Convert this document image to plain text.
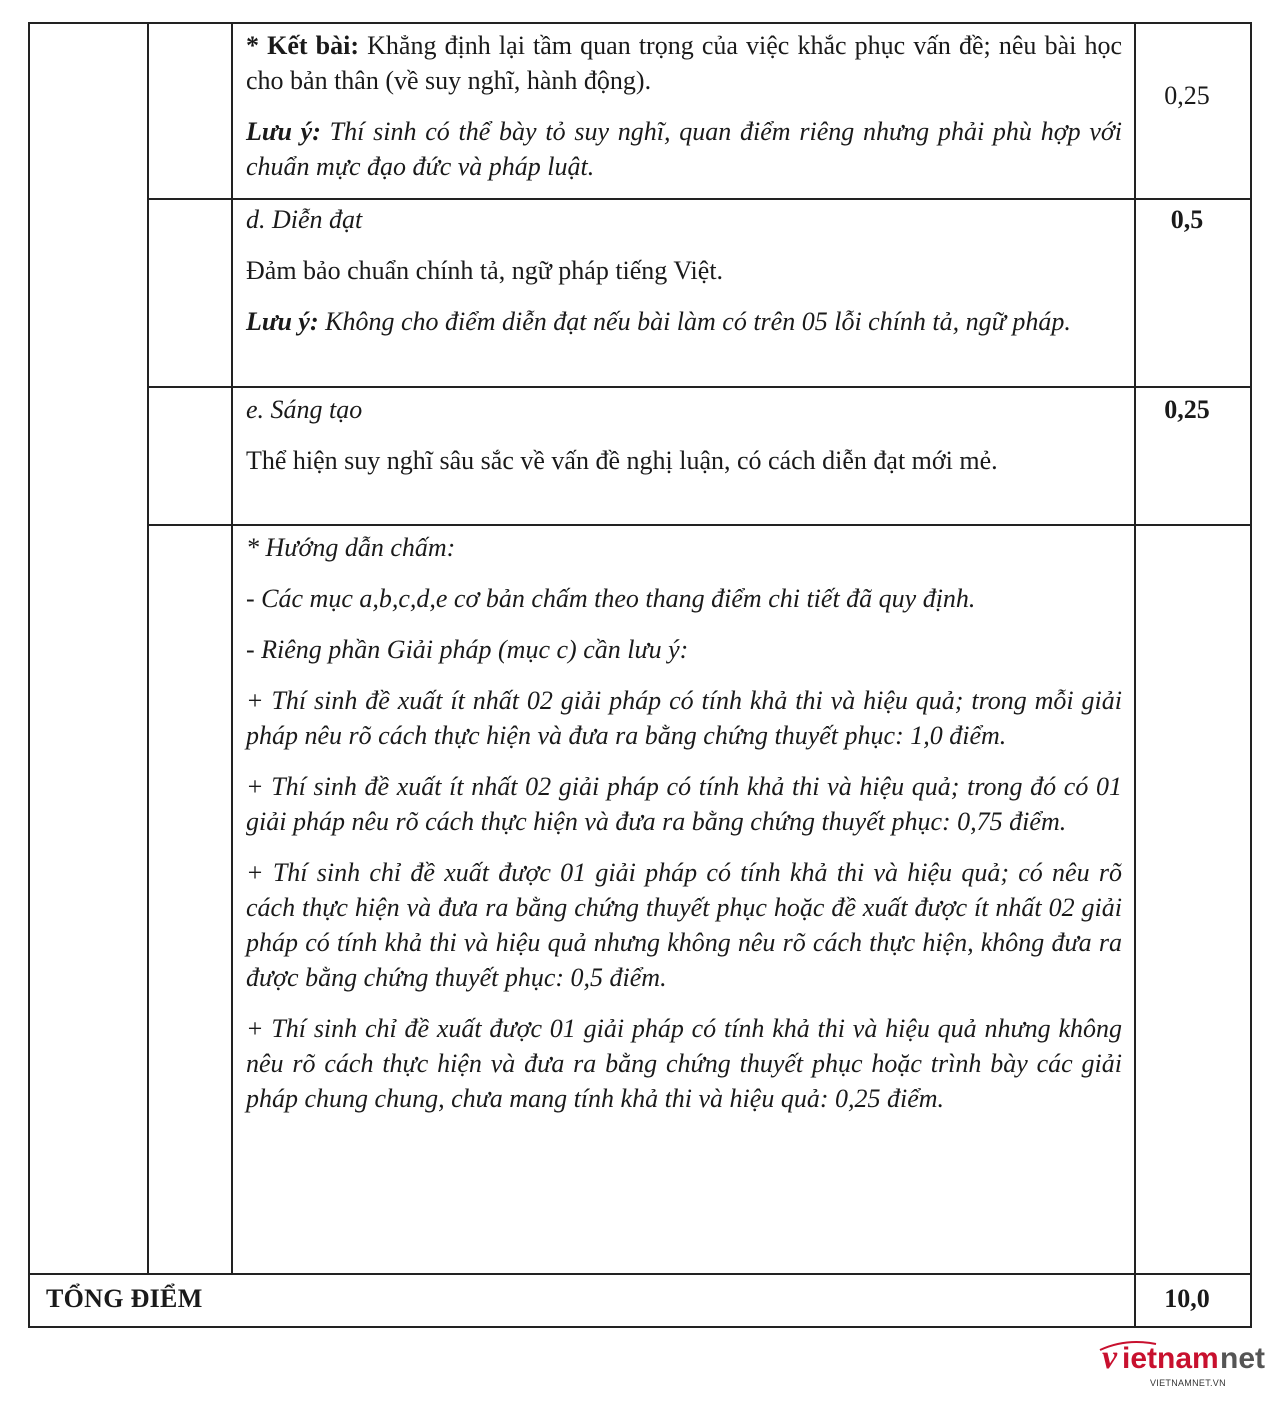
* Kết bài: Khẳng định lại tầm quan trọng của việc khắc phục vấn đề; nêu bài học cho bản thân (về suy nghĩ, hành động).

Lưu ý: Thí sinh có thể bày tỏ suy nghĩ, quan điểm riêng nhưng phải phù hợp với chuẩn mực đạo đức và pháp luật.

0,25

d. Diễn đạt

Đảm bảo chuẩn chính tả, ngữ pháp tiếng Việt.

Lưu ý: Không cho điểm diễn đạt nếu bài làm có trên 05 lỗi chính tả, ngữ pháp.

0,5

e. Sáng tạo

Thể hiện suy nghĩ sâu sắc về vấn đề nghị luận, có cách diễn đạt mới mẻ.

0,25

* Hướng dẫn chấm:

- Các mục a,b,c,d,e cơ bản chấm theo thang điểm chi tiết đã quy định.

- Riêng phần Giải pháp (mục c) cần lưu ý:

+ Thí sinh đề xuất ít nhất 02 giải pháp có tính khả thi và hiệu quả; trong mỗi giải pháp nêu rõ cách thực hiện và đưa ra bằng chứng thuyết phục: 1,0 điểm.

+ Thí sinh đề xuất ít nhất 02 giải pháp có tính khả thi và hiệu quả; trong đó có 01 giải pháp nêu rõ cách thực hiện và đưa ra bằng chứng thuyết phục: 0,75 điểm.

+ Thí sinh chỉ đề xuất được 01 giải pháp có tính khả thi và hiệu quả; có nêu rõ cách thực hiện và đưa ra bằng chứng thuyết phục hoặc đề xuất được ít nhất 02 giải pháp có tính khả thi và hiệu quả nhưng không nêu rõ cách thực hiện, không đưa ra được bằng chứng thuyết phục: 0,5 điểm.

+ Thí sinh chỉ đề xuất được 01 giải pháp có tính khả thi và hiệu quả nhưng không nêu rõ cách thực hiện và đưa ra bằng chứng thuyết phục hoặc trình bày các giải pháp chung chung, chưa mang tính khả thi và hiệu quả: 0,25 điểm.

TỔNG ĐIỂM	10,0
v ietnam net
VIETNAMNET.VN
